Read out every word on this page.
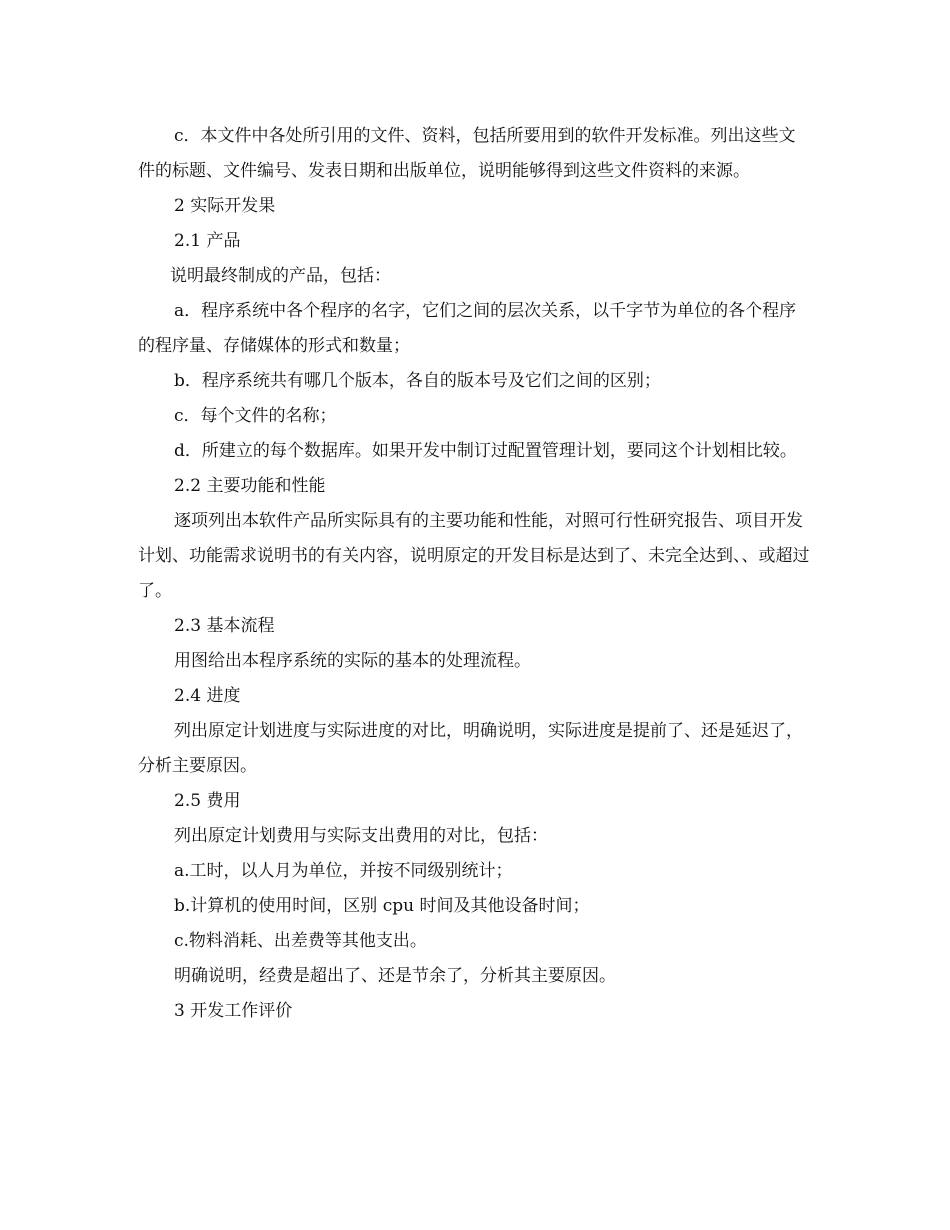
c．本文件中各处所引用的文件、资料，包括所要用到的软件开发标准。列出这些文件的标题、文件编号、发表日期和出版单位，说明能够得到这些文件资料的来源。

2 实际开发果

2.1 产品

说明最终制成的产品，包括：

a．程序系统中各个程序的名字，它们之间的层次关系，以千字节为单位的各个程序的程序量、存储媒体的形式和数量；

b．程序系统共有哪几个版本，各自的版本号及它们之间的区别；

c．每个文件的名称；

d．所建立的每个数据库。如果开发中制订过配置管理计划，要同这个计划相比较。

2.2 主要功能和性能

逐项列出本软件产品所实际具有的主要功能和性能，对照可行性研究报告、项目开发计划、功能需求说明书的有关内容，说明原定的开发目标是达到了、未完全达到、、或超过了。

2.3 基本流程

用图给出本程序系统的实际的基本的处理流程。

2.4 进度

列出原定计划进度与实际进度的对比，明确说明，实际进度是提前了、还是延迟了，分析主要原因。

2.5 费用

列出原定计划费用与实际支出费用的对比，包括：

a.工时，以人月为单位，并按不同级别统计；

b.计算机的使用时间，区别 cpu 时间及其他设备时间；

c.物料消耗、出差费等其他支出。

明确说明，经费是超出了、还是节余了，分析其主要原因。

3 开发工作评价
